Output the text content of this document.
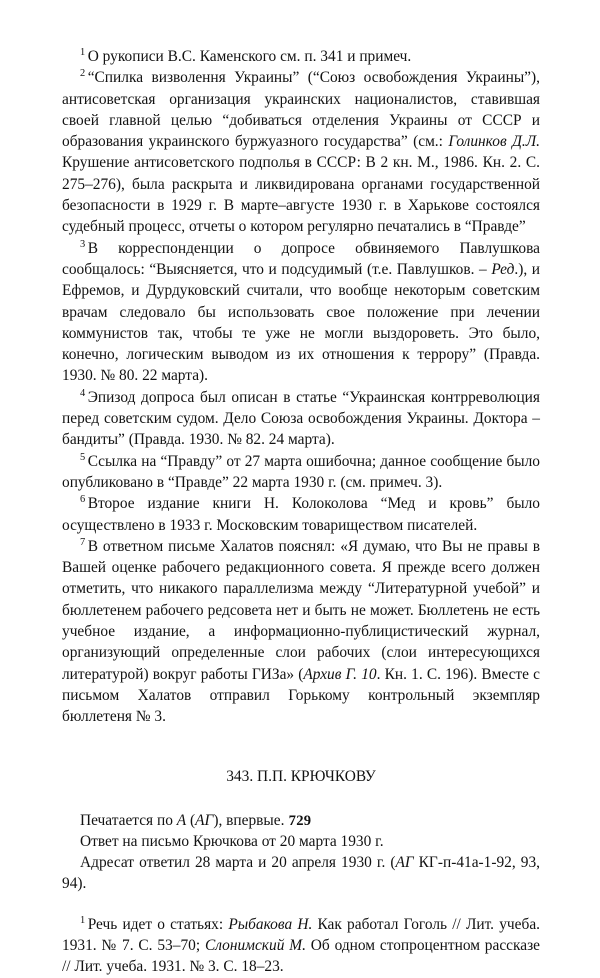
$^1$ О рукописи В.С. Каменского см. п. 341 и примеч.

$^2$ “Спилка визволення Украины” (“Союз освобождения Украины”), антисоветская организация украинских националистов, ставившая своей главной целью “добиваться отделения Украины от СССР и образования украинского буржуазного государства” (см.: Голинков Д.Л. Крушение антисоветского подполья в СССР: В 2 кн. М., 1986. Кн. 2. С. 275–276), была раскрыта и ликвидирована органами государственной безопасности в 1929 г. В марте–августе 1930 г. в Харькове состоялся судебный процесс, отчеты о котором регулярно печатались в “Правде”

$^3$ В корреспонденции о допросе обвиняемого Павлушкова сообщалось: “Выясняется, что и подсудимый (т.е. Павлушков. – Ред.), и Ефремов, и Дурдуковский считали, что вообще некоторым советским врачам следовало бы использовать свое положение при лечении коммунистов так, чтобы те уже не могли выздороветь. Это было, конечно, логическим выводом из их отношения к террору” (Правда. 1930. № 80. 22 марта).

$^4$ Эпизод допроса был описан в статье “Украинская контрреволюция перед советским судом. Дело Союза освобождения Украины. Доктора – бандиты” (Правда. 1930. № 82. 24 марта).

$^5$ Ссылка на “Правду” от 27 марта ошибочна; данное сообщение было опубликовано в “Правде” 22 марта 1930 г. (см. примеч. 3).

$^6$ Второе издание книги Н. Колоколова “Мед и кровь” было осуществлено в 1933 г. Московским товариществом писателей.

$^7$ В ответном письме Халатов пояснял: «Я думаю, что Вы не правы в Вашей оценке рабочего редакционного совета. Я прежде всего должен отметить, что никакого параллелизма между “Литературной учебой” и бюллетенем рабочего редсовета нет и быть не может. Бюллетень не есть учебное издание, а информационно-публицистический журнал, организующий определенные слои рабочих (слои интересующихся литературой) вокруг работы ГИЗа» (Архив Г. 10. Кн. 1. С. 196). Вместе с письмом Халатов отправил Горькому контрольный экземпляр бюллетеня № 3.

343. П.П. КРЮЧКОВУ

Печатается по А (АГ), впервые.

Ответ на письмо Крючкова от 20 марта 1930 г.

Адресат ответил 28 марта и 20 апреля 1930 г. (АГ КГ-п-41а-1-92, 93, 94).

$^1$ Речь идет о статьях: Рыбакова Н. Как работал Гоголь // Лит. учеба. 1931. № 7. С. 53–70; Слонимский М. Об одном стопроцентном рассказе // Лит. учеба. 1931. № 3. С. 18–23.

729
